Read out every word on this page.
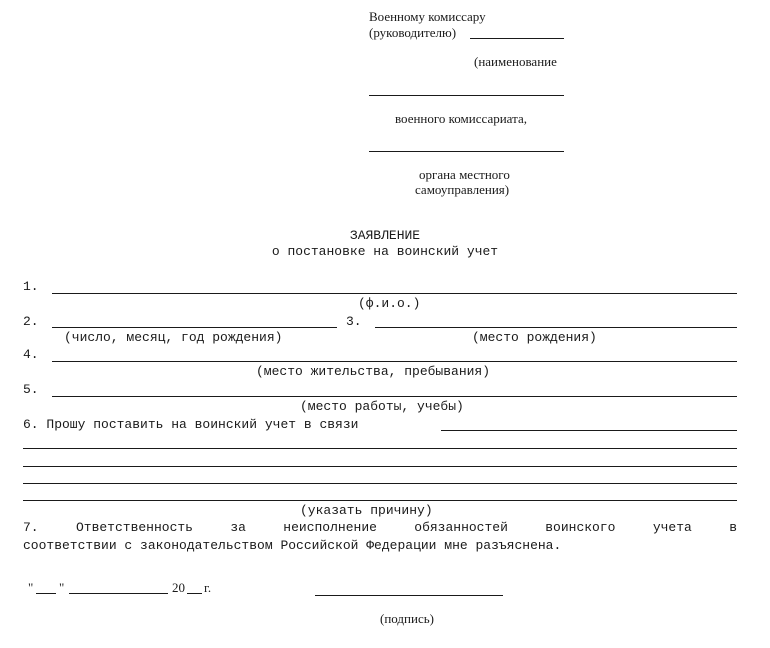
Военному комиссару
(руководителю)
(наименование
военного комиссариата,
органа местного
самоуправления)
ЗАЯВЛЕНИЕ
о постановке на воинский учет
1.
(ф.и.о.)
2.	3.
(число, месяц, год рождения)	(место рождения)
4.
(место жительства, пребывания)
5.
(место работы, учебы)
6. Прошу поставить на воинский учет в связи
(указать причину)
7. Ответственность за неисполнение обязанностей воинского учета в
соответствии с законодательством Российской Федерации мне разъяснена.
" "	20 г.
(подпись)
